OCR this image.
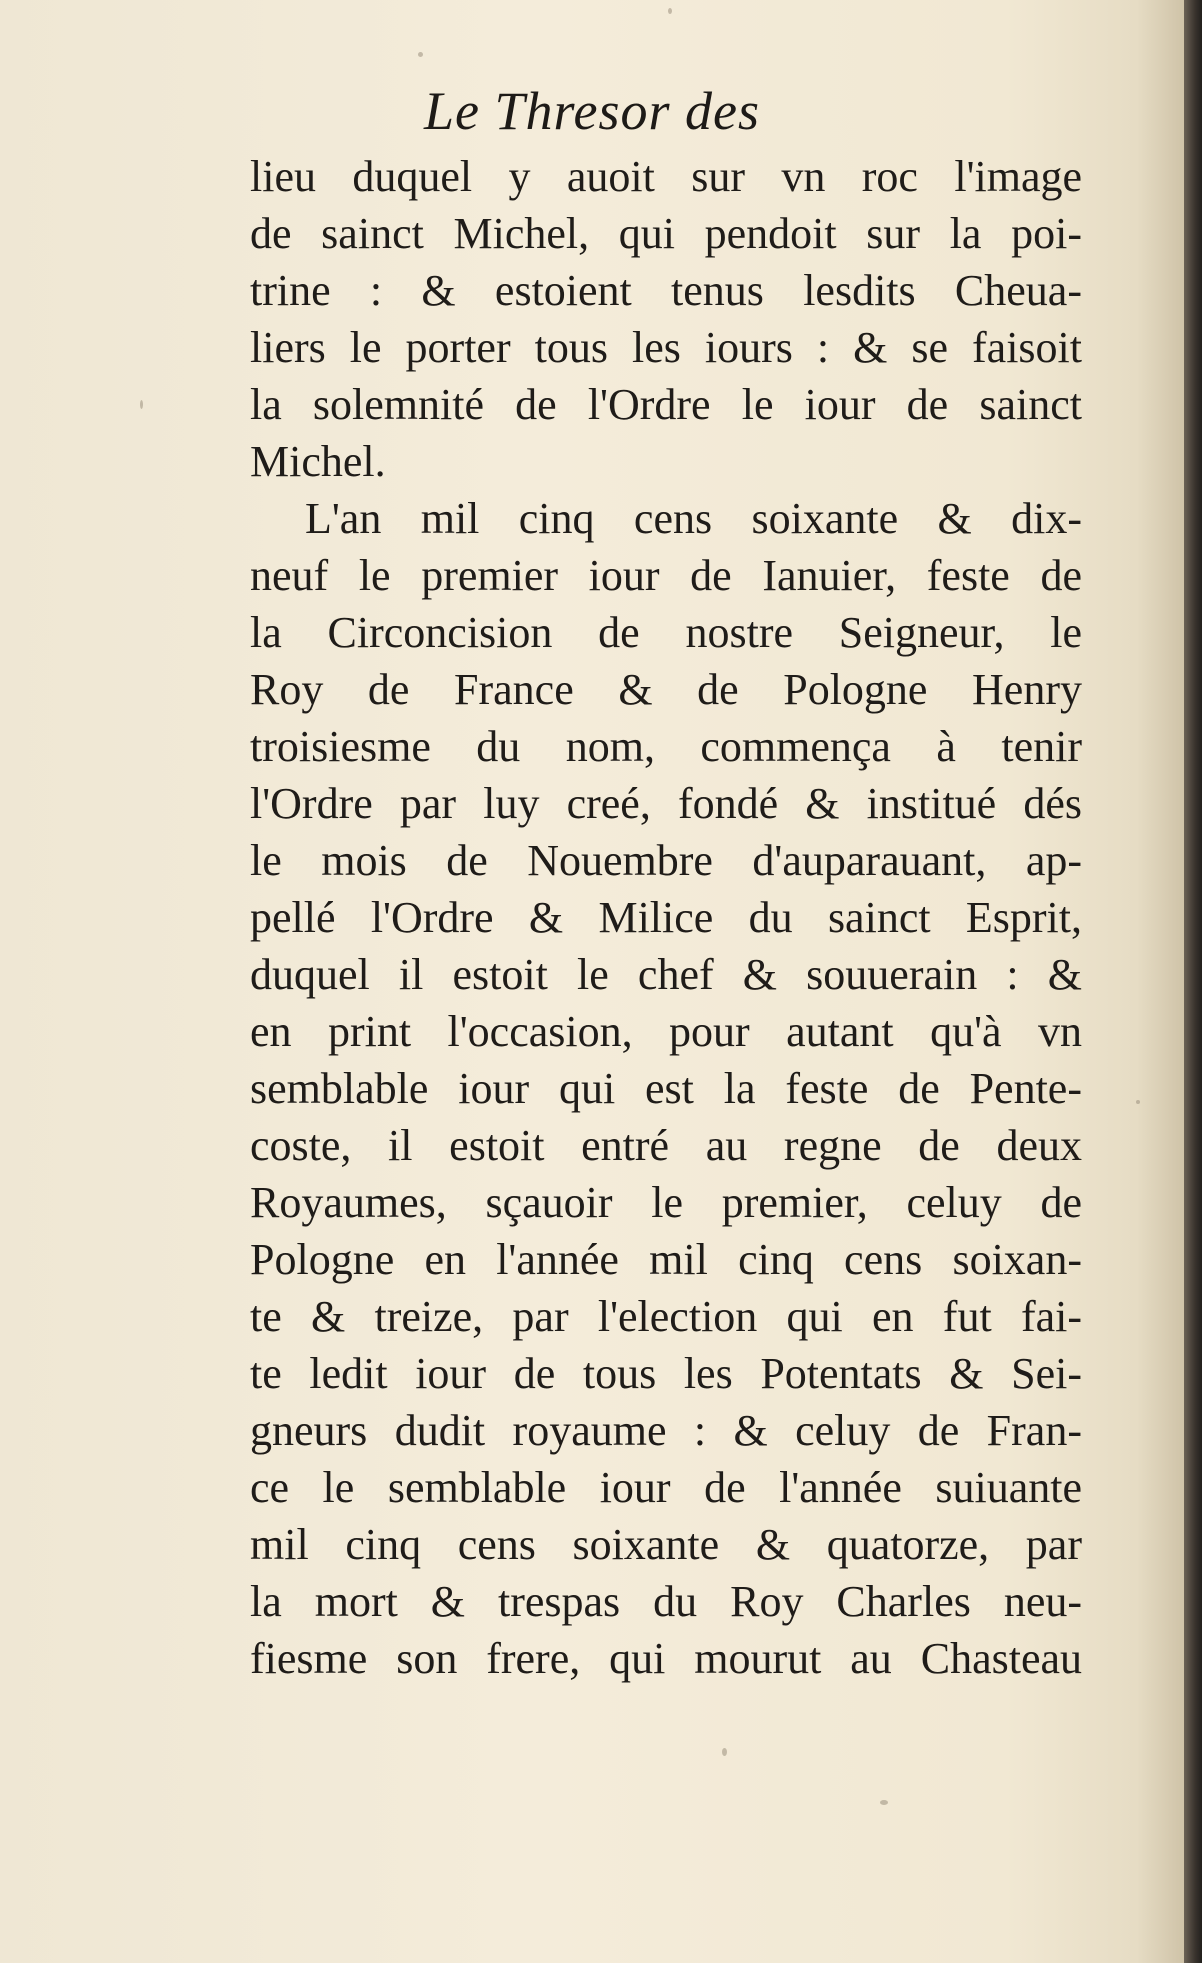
Le Thresor des
lieu duquel y auoit sur vn roc l'image
de sainct Michel, qui pendoit sur la poi-
trine : & estoient tenus lesdits Cheua-
liers le porter tous les iours : & se faisoit
la solemnité de l'Ordre le iour de sainct
Michel.
L'an mil cinq cens soixante & dix-
neuf le premier iour de Ianuier, feste de
la Circoncision de nostre Seigneur, le
Roy de France & de Pologne Henry
troisiesme du nom, commença à tenir
l'Ordre par luy creé, fondé & institué dés
le mois de Nouembre d'auparauant, ap-
pellé l'Ordre & Milice du sainct Esprit,
duquel il estoit le chef & souuerain : &
en print l'occasion, pour autant qu'à vn
semblable iour qui est la feste de Pente-
coste, il estoit entré au regne de deux
Royaumes, sçauoir le premier, celuy de
Pologne en l'année mil cinq cens soixan-
te & treize, par l'election qui en fut fai-
te ledit iour de tous les Potentats & Sei-
gneurs dudit royaume : & celuy de Fran-
ce le semblable iour de l'année suiuante
mil cinq cens soixante & quatorze, par
la mort & trespas du Roy Charles neu-
fiesme son frere, qui mourut au Chasteau
